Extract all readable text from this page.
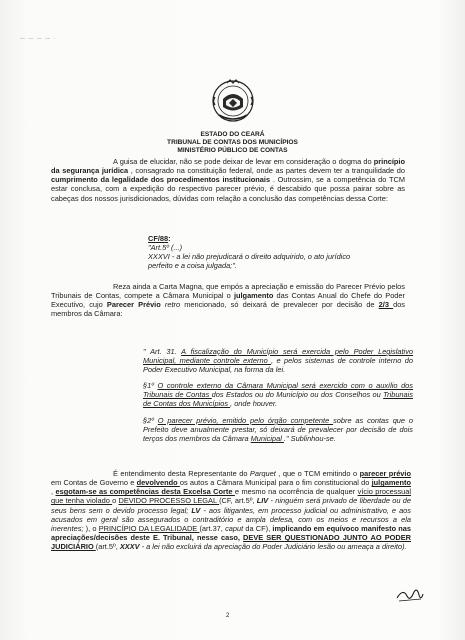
— — — — ·
ESTADO DO CEARÁ
TRIBUNAL DE CONTAS DOS MUNICÍPIOS
MINISTÉRIO PÚBLICO DE CONTAS
A guisa de elucidar, não se pode deixar de levar em consideração o dogma do princípio da segurança jurídica , consagrado na constituição federal, onde as partes devem ter a tranquilidade do cumprimento da legalidade dos procedimentos institucionais . Outrossim, se a competência do TCM estar conclusa, com a expedição do respectivo parecer prévio, é descabido que possa pairar sobre as cabeças dos nossos jurisdicionados, dúvidas com relação a conclusão das competências dessa Corte:
CF/88:
"Art.5º (...)
XXXVI - a lei não prejudicará o direito adquirido, o ato jurídico
perfeito e a coisa julgada;".
Reza ainda a Carta Magna, que empós a apreciação e emissão do Parecer Prévio pelos Tribunais de Contas, compete a Câmara Municipal o julgamento das Contas Anual do Chefe do Poder Executivo, cujo Parecer Prévio retro mencionado, só deixará de prevalecer por decisão de 2/3 dos membros da Câmara:
" Art. 31. A fiscalização do Município será exercida pelo Poder Legislativo Municipal, mediante controle externo , e pelos sistemas de controle interno do Poder Executivo Municipal, na forma da lei.
§1º O controle externo da Câmara Municipal será exercido com o auxílio dos Tribunais de Contas dos Estados ou do Município ou dos Conselhos ou Tribunais de Contas dos Municípios , onde houver.
§2º O parecer prévio, emitido pelo órgão competente sobre as contas que o Prefeito deve anualmente prestar, só deixará de prevalecer por decisão de dois terços dos membros da Câmara Municipal ." Sublinhou-se.
É entendimento desta Representante do Parquet , que o TCM emitindo o parecer prévio em Contas de Governo e devolvendo os autos a Câmara Municipal para o fim constitucional do julgamento , esgotam-se as competências desta Excelsa Corte e mesmo na ocorrência de qualquer vício processual que tenha violado o DEVIDO PROCESSO LEGAL (CF, art.5º, LIV - ninguém será privado de liberdade ou de seus bens sem o devido processo legal; LV - aos litigantes, em processo judicial ou administrativo, e aos acusados em geral são assegurados o contraditório e ampla defesa, com os meios e recursos a ela inerentes; ), o PRINCÍPIO DA LEGALIDADE (art.37, caput da CF), implicando em equívoco manifesto nas apreciações/decisões deste E. Tribunal, nesse caso, DEVE SER QUESTIONADO JUNTO AO PODER JUDICIÁRIO (art.5º, XXXV - a lei não excluirá da apreciação do Poder Judiciário lesão ou ameaça a direito).
2
